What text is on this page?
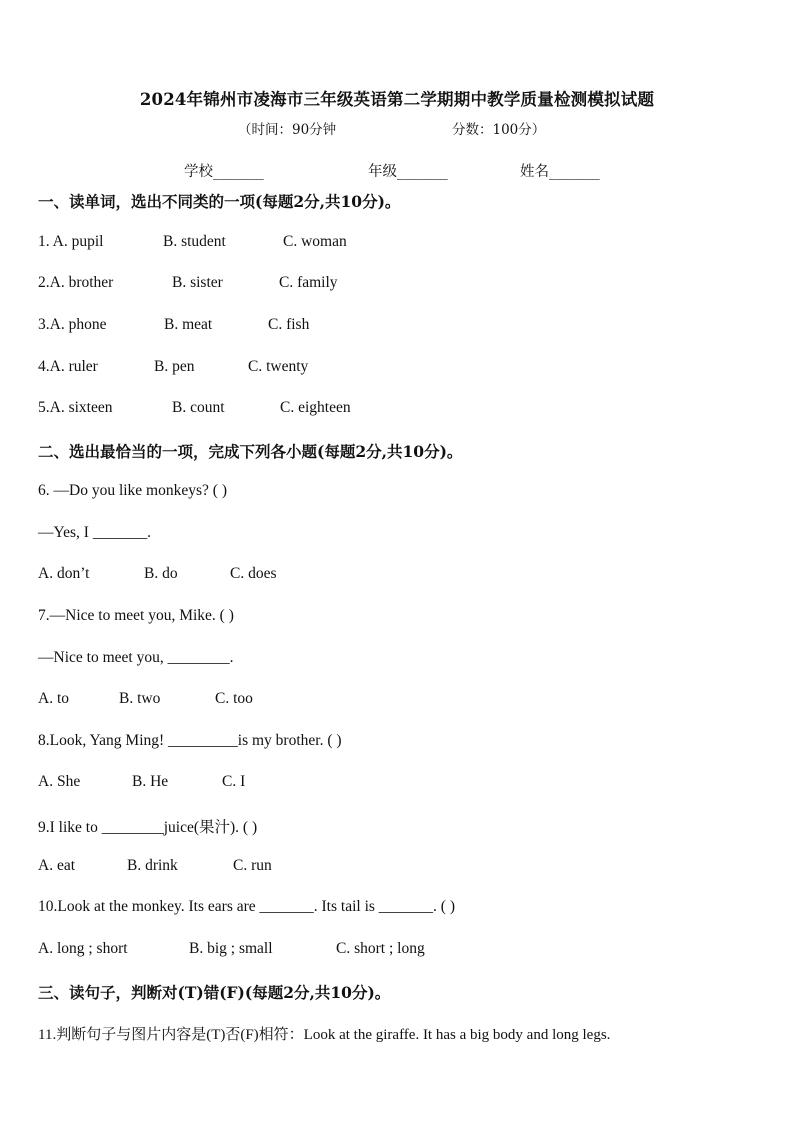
2024年锦州市凌海市三年级英语第二学期期中教学质量检测模拟试题
（时间：90分钟	分数：100分）
学校_______	年级_______	姓名_______
一、读单词，选出不同类的一项(每题2分,共10分)。
1. A. pupil	B. student	C. woman
2.A. brother	B. sister	C. family
3.A. phone	B. meat	C. fish
4.A. ruler	B. pen	C. twenty
5.A. sixteen	B. count	C. eighteen
二、选出最恰当的一项，完成下列各小题(每题2分,共10分)。
6. —Do you like monkeys? ( )
—Yes, I _______.
A. don’t	B. do	C. does
7.—Nice to meet you, Mike. ( )
—Nice to meet you, ________.
A. to	B. two	C. too
8.Look, Yang Ming! _________is my brother. ( )
A. She	B. He	C. I
9.I like to ________juice(果汁). ( )
A. eat	B. drink	C. run
10.Look at the monkey. Its ears are _______. Its tail is _______. ( )
A. long ; short	B. big ; small	C. short ; long
三、读句子，判断对(T)错(F)(每题2分,共10分)。
11.判断句子与图片内容是(T)否(F)相符：Look at the giraffe. It has a big body and long legs.
